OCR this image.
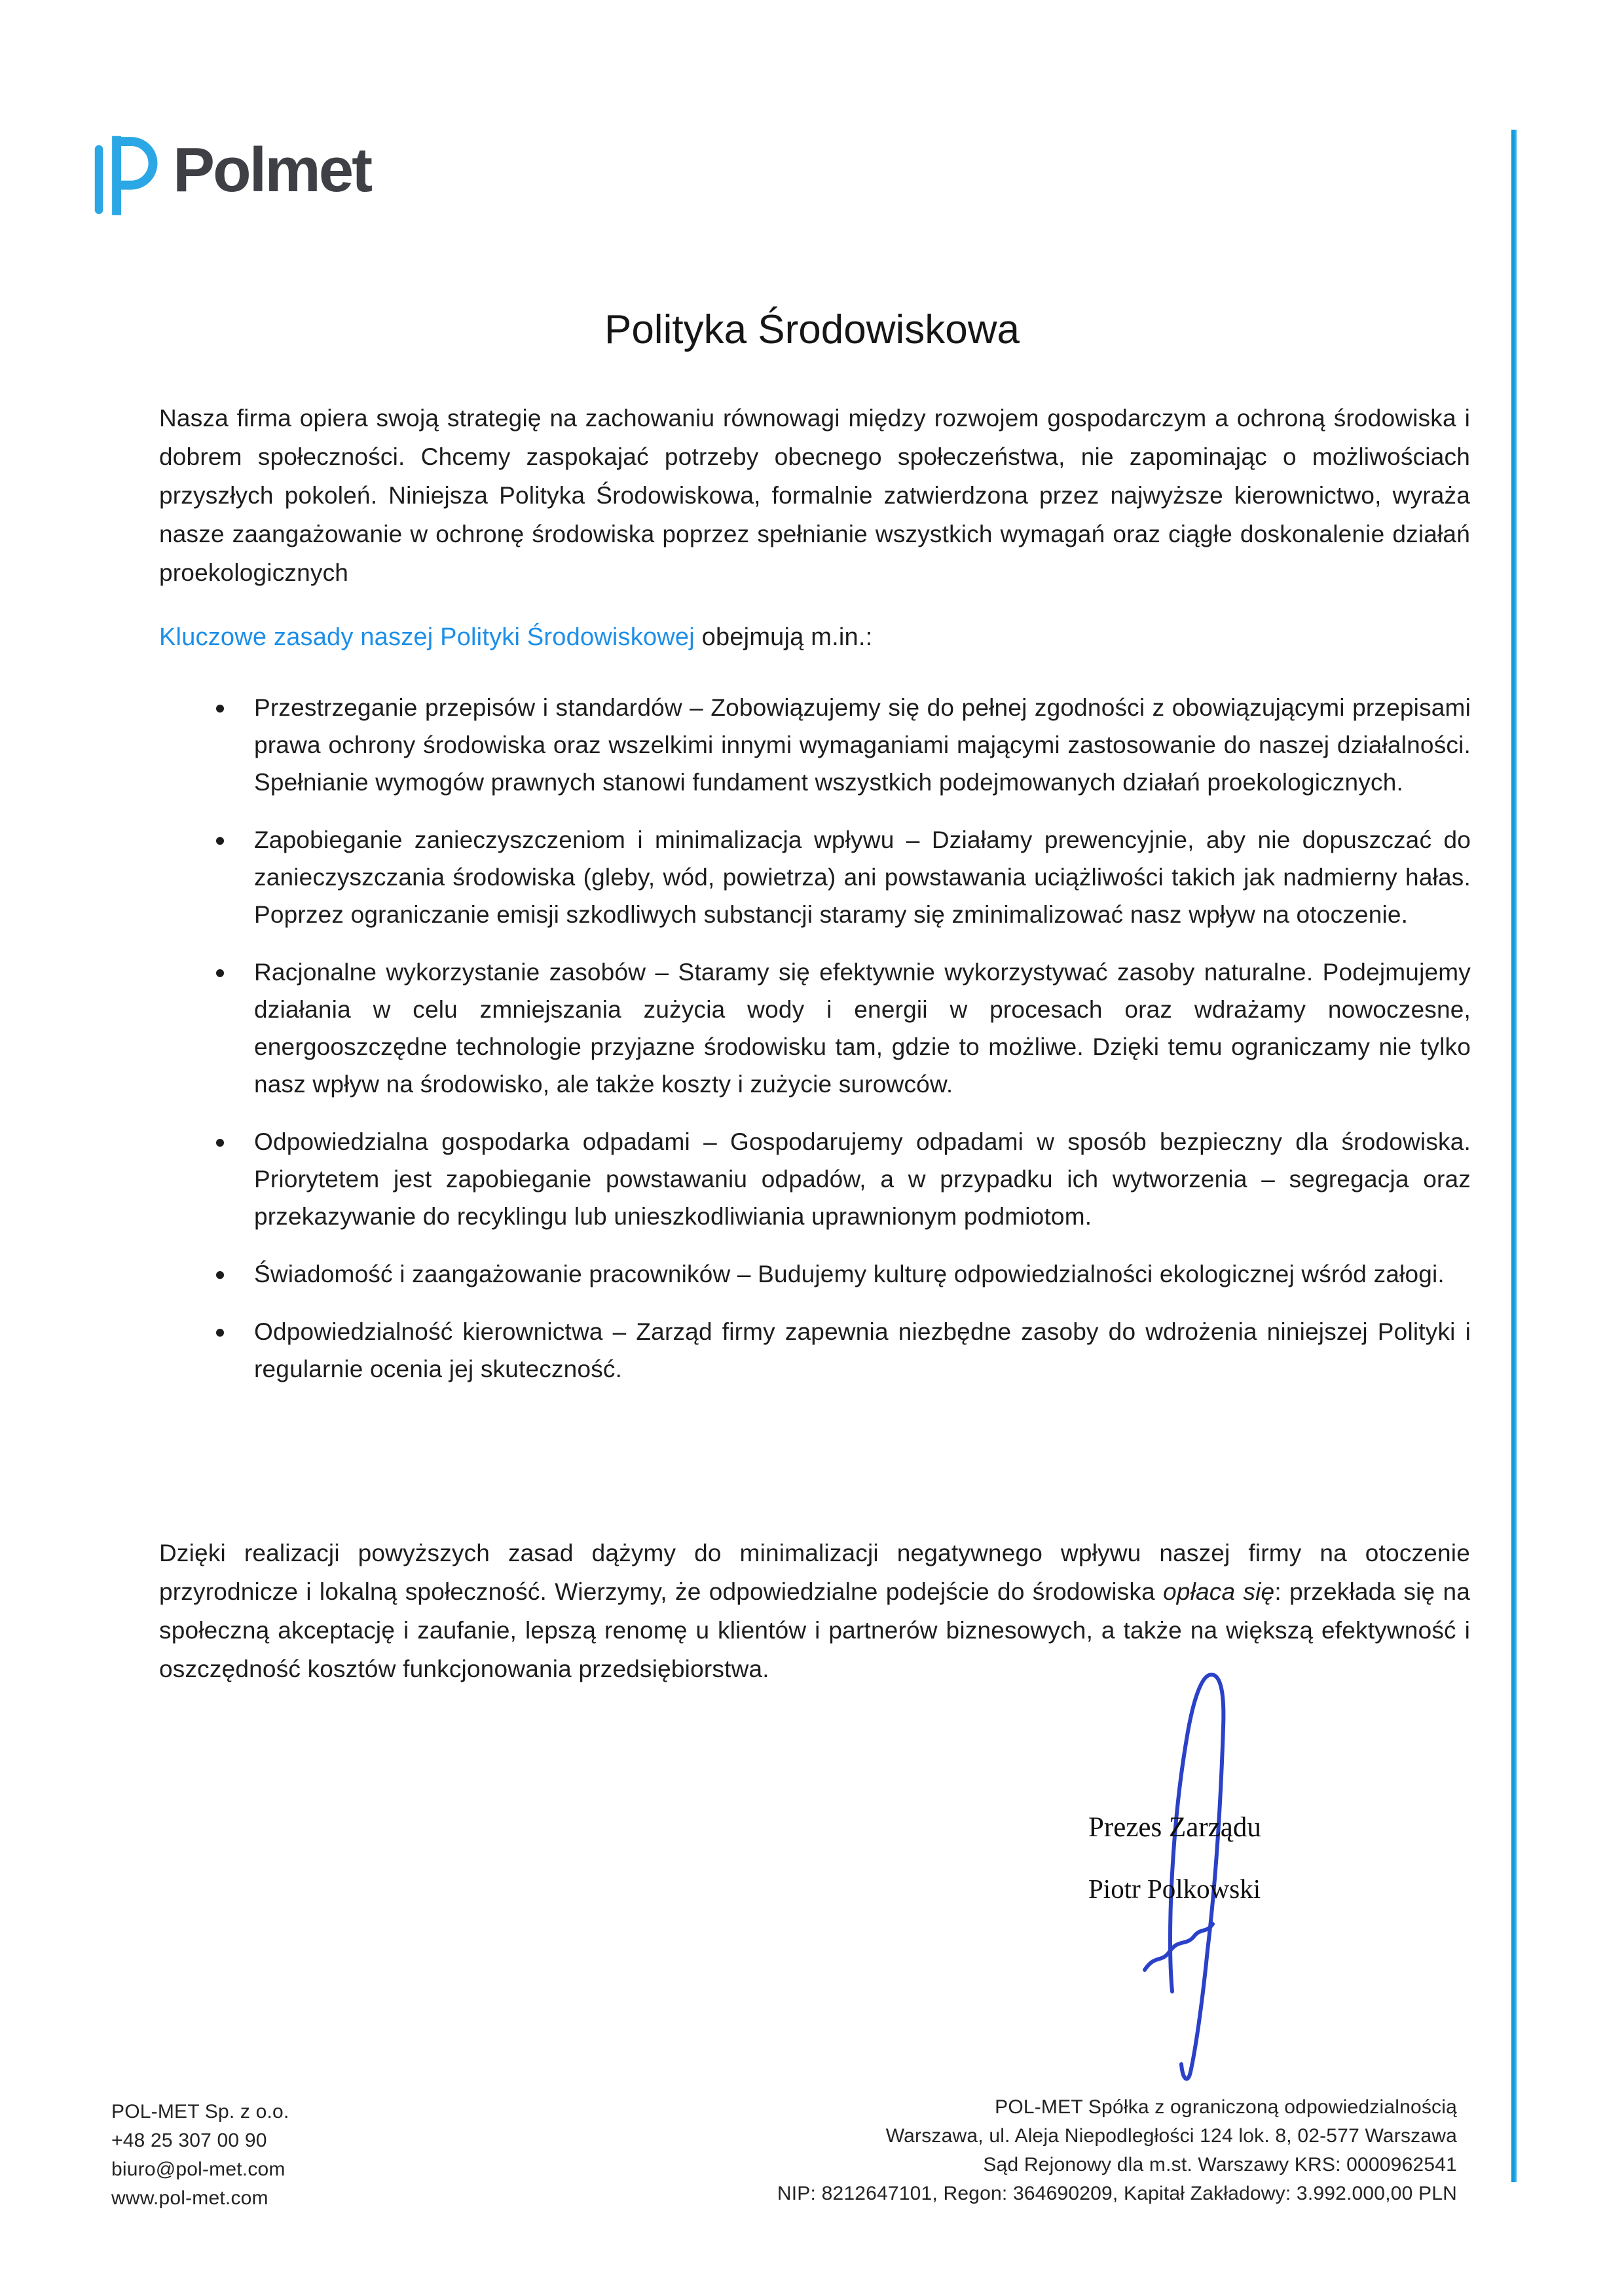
Polmet
Polityka Środowiskowa

Nasza firma opiera swoją strategię na zachowaniu równowagi między rozwojem gospodarczym a ochroną środowiska i dobrem społeczności. Chcemy zaspokajać potrzeby obecnego społeczeństwa, nie zapominając o możliwościach przyszłych pokoleń. Niniejsza Polityka Środowiskowa, formalnie zatwierdzona przez najwyższe kierownictwo, wyraża nasze zaangażowanie w ochronę środowiska poprzez spełnianie wszystkich wymagań oraz ciągłe doskonalenie działań proekologicznych

Kluczowe zasady naszej Polityki Środowiskowej obejmują m.in.:

Przestrzeganie przepisów i standardów – Zobowiązujemy się do pełnej zgodności z obowiązującymi przepisami prawa ochrony środowiska oraz wszelkimi innymi wymaganiami mającymi zastosowanie do naszej działalności. Spełnianie wymogów prawnych stanowi fundament wszystkich podejmowanych działań proekologicznych.

Zapobieganie zanieczyszczeniom i minimalizacja wpływu – Działamy prewencyjnie, aby nie dopuszczać do zanieczyszczania środowiska (gleby, wód, powietrza) ani powstawania uciążliwości takich jak nadmierny hałas. Poprzez ograniczanie emisji szkodliwych substancji staramy się zminimalizować nasz wpływ na otoczenie.

Racjonalne wykorzystanie zasobów – Staramy się efektywnie wykorzystywać zasoby naturalne. Podejmujemy działania w celu zmniejszania zużycia wody i energii w procesach oraz wdrażamy nowoczesne, energooszczędne technologie przyjazne środowisku tam, gdzie to możliwe. Dzięki temu ograniczamy nie tylko nasz wpływ na środowisko, ale także koszty i zużycie surowców.

Odpowiedzialna gospodarka odpadami – Gospodarujemy odpadami w sposób bezpieczny dla środowiska. Priorytetem jest zapobieganie powstawaniu odpadów, a w przypadku ich wytworzenia – segregacja oraz przekazywanie do recyklingu lub unieszkodliwiania uprawnionym podmiotom.

Świadomość i zaangażowanie pracowników – Budujemy kulturę odpowiedzialności ekologicznej wśród załogi.

Odpowiedzialność kierownictwa – Zarząd firmy zapewnia niezbędne zasoby do wdrożenia niniejszej Polityki i regularnie ocenia jej skuteczność.

Dzięki realizacji powyższych zasad dążymy do minimalizacji negatywnego wpływu naszej firmy na otoczenie przyrodnicze i lokalną społeczność. Wierzymy, że odpowiedzialne podejście do środowiska opłaca się: przekłada się na społeczną akceptację i zaufanie, lepszą renomę u klientów i partnerów biznesowych, a także na większą efektywność i oszczędność kosztów funkcjonowania przedsiębiorstwa.

Prezes Zarządu
Piotr Polkowski
POL-MET Sp. z o.o.
+48 25 307 00 90
biuro@pol-met.com
www.pol-met.com
POL-MET Spółka z ograniczoną odpowiedzialnością
Warszawa, ul. Aleja Niepodległości 124 lok. 8, 02-577 Warszawa
Sąd Rejonowy dla m.st. Warszawy KRS: 0000962541
NIP: 8212647101, Regon: 364690209, Kapitał Zakładowy: 3.992.000,00 PLN
